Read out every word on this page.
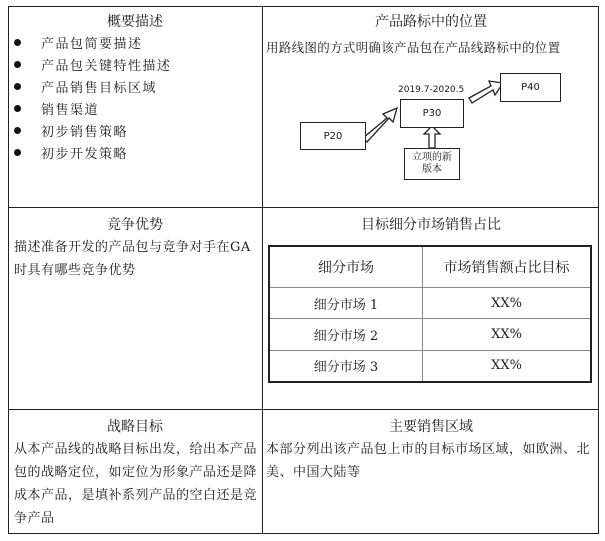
概要描述
产品包简要描述
产品包关键特性描述
产品销售目标区域
销售渠道
初步销售策略
初步开发策略
产品路标中的位置
用路线图的方式明确该产品包在产品线路标中的位置
P20
P30
P40
2019.7-2020.5
立项的新版本
竞争优势
描述准备开发的产品包与竞争对手在GA时具有哪些竞争优势
目标细分市场销售占比
细分市场	市场销售额占比目标
细分市场 1	XX%
细分市场 2	XX%
细分市场 3	XX%
战略目标
从本产品线的战略目标出发，给出本产品包的战略定位，如定位为形象产品还是降成本产品，是填补系列产品的空白还是竞争产品
主要销售区域
本部分列出该产品包上市的目标市场区域，如欧洲、北美、中国大陆等
